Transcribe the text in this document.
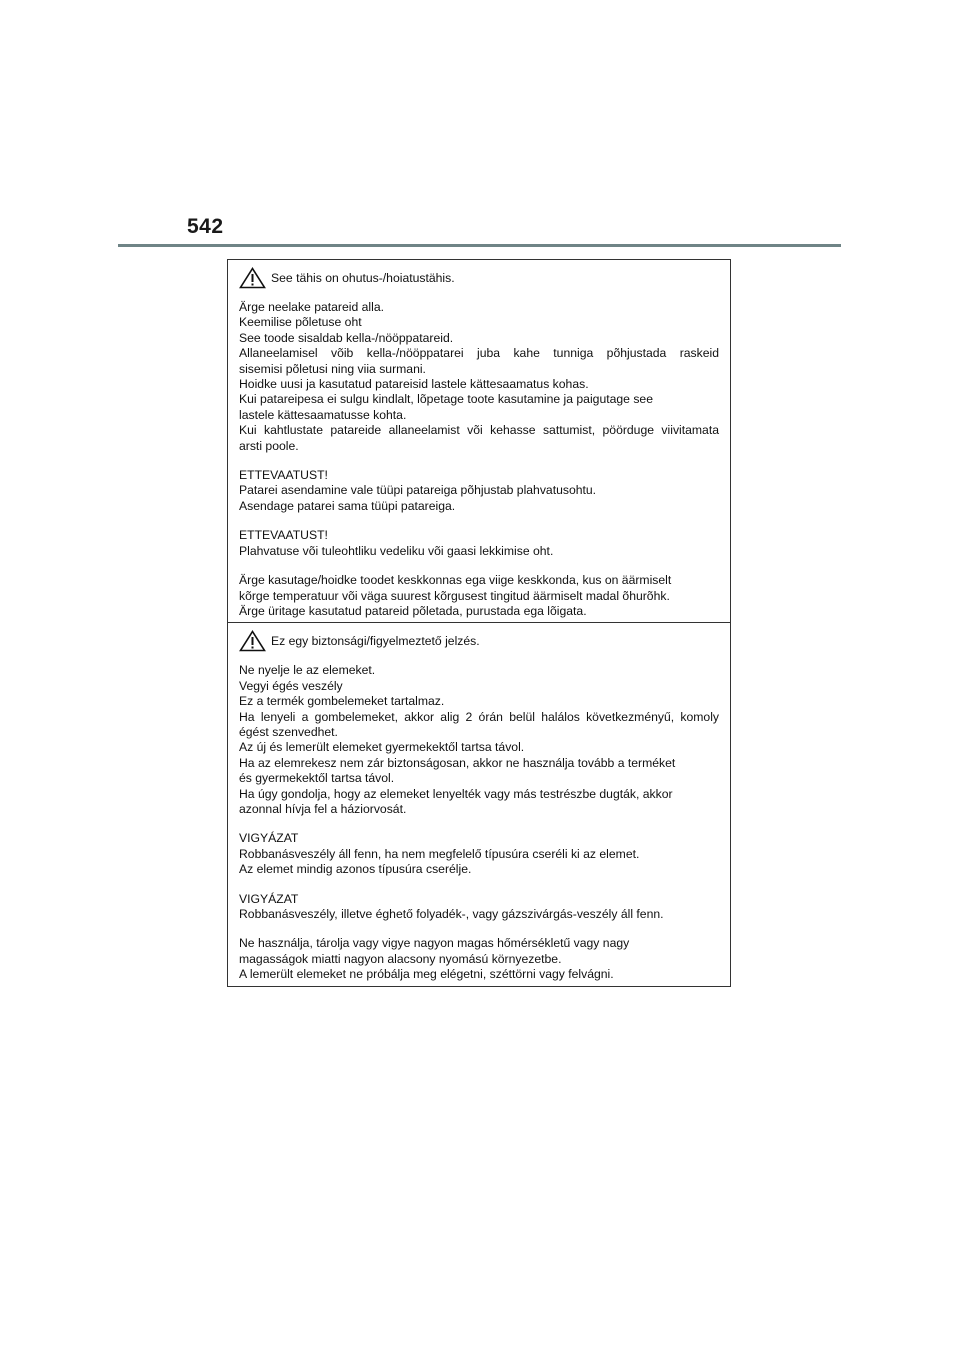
542
See tähis on ohutus-/hoiatustähis.
Ärge neelake patareid alla.
Keemilise põletuse oht
See toode sisaldab kella-/nööppatareid.
Allaneelamisel võib kella-/nööppatarei juba kahe tunniga põhjustada raskeid
sisemisi põletusi ning viia surmani.
Hoidke uusi ja kasutatud patareisid lastele kättesaamatus kohas.
Kui patareipesa ei sulgu kindlalt, lõpetage toote kasutamine ja paigutage see
lastele kättesaamatusse kohta.
Kui kahtlustate patareide allaneelamist või kehasse sattumist, pöörduge viivitamata
arsti poole.
ETTEVAATUST!
Patarei asendamine vale tüüpi patareiga põhjustab plahvatusohtu.
Asendage patarei sama tüüpi patareiga.
ETTEVAATUST!
Plahvatuse või tuleohtliku vedeliku või gaasi lekkimise oht.
Ärge kasutage/hoidke toodet keskkonnas ega viige keskkonda, kus on äärmiselt
kõrge temperatuur või väga suurest kõrgusest tingitud äärmiselt madal õhurõhk.
Ärge üritage kasutatud patareid põletada, purustada ega lõigata.
Ez egy biztonsági/figyelmeztető jelzés.
Ne nyelje le az elemeket.
Vegyi égés veszély
Ez a termék gombelemeket tartalmaz.
Ha lenyeli a gombelemeket, akkor alig 2 órán belül halálos következményű, komoly
égést szenvedhet.
Az új és lemerült elemeket gyermekektől tartsa távol.
Ha az elemrekesz nem zár biztonságosan, akkor ne használja tovább a terméket
és gyermekektől tartsa távol.
Ha úgy gondolja, hogy az elemeket lenyelték vagy más testrészbe dugták, akkor
azonnal hívja fel a háziorvosát.
VIGYÁZAT
Robbanásveszély áll fenn, ha nem megfelelő típusúra cseréli ki az elemet.
Az elemet mindig azonos típusúra cserélje.
VIGYÁZAT
Robbanásveszély, illetve éghető folyadék-, vagy gázszivárgás-veszély áll fenn.
Ne használja, tárolja vagy vigye nagyon magas hőmérsékletű vagy nagy
magasságok miatti nagyon alacsony nyomású környezetbe.
A lemerült elemeket ne próbálja meg elégetni, széttörni vagy felvágni.
